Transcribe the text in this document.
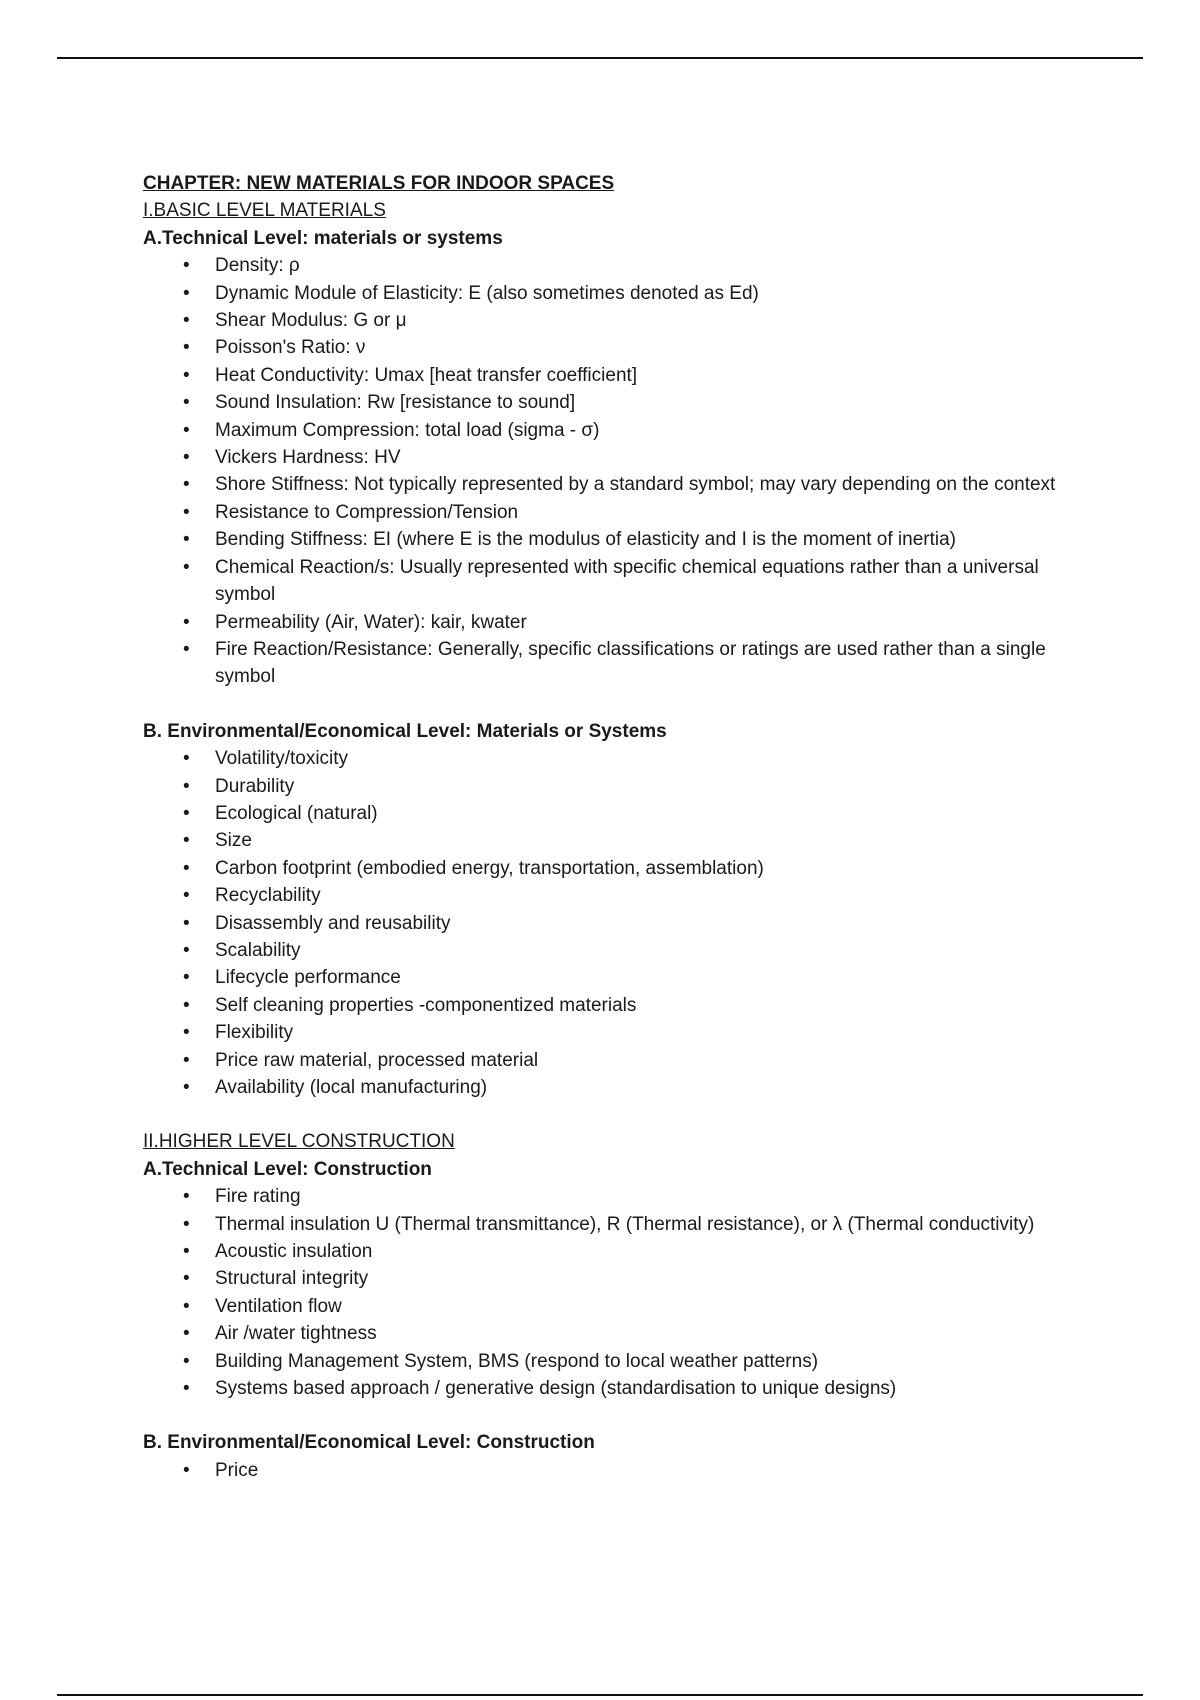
CHAPTER: NEW MATERIALS FOR INDOOR SPACES
I.BASIC LEVEL MATERIALS
A.Technical Level: materials or systems
• Density: ρ
• Dynamic Module of Elasticity: E (also sometimes denoted as Ed)
• Shear Modulus: G or μ
• Poisson's Ratio: ν
• Heat Conductivity: Umax [heat transfer coefficient]
• Sound Insulation: Rw [resistance to sound]
• Maximum Compression: total load (sigma - σ)
• Vickers Hardness: HV
• Shore Stiffness: Not typically represented by a standard symbol; may vary depending on the context
• Resistance to Compression/Tension
• Bending Stiffness: EI (where E is the modulus of elasticity and I is the moment of inertia)
• Chemical Reaction/s: Usually represented with specific chemical equations rather than a universal symbol
• Permeability (Air, Water): kair, kwater
• Fire Reaction/Resistance: Generally, specific classifications or ratings are used rather than a single symbol
B. Environmental/Economical Level: Materials or Systems
• Volatility/toxicity
• Durability
• Ecological (natural)
• Size
• Carbon footprint (embodied energy, transportation, assemblation)
• Recyclability
• Disassembly and reusability
• Scalability
• Lifecycle performance
• Self cleaning properties -componentized materials
• Flexibility
• Price raw material, processed material
• Availability (local manufacturing)
II.HIGHER LEVEL CONSTRUCTION
A.Technical Level: Construction
• Fire rating
• Thermal insulation U (Thermal transmittance), R (Thermal resistance), or λ (Thermal conductivity)
• Acoustic insulation
• Structural integrity
• Ventilation flow
• Air /water tightness
• Building Management System, BMS (respond to local weather patterns)
• Systems based approach / generative design (standardisation to unique designs)
B. Environmental/Economical Level: Construction
• Price
